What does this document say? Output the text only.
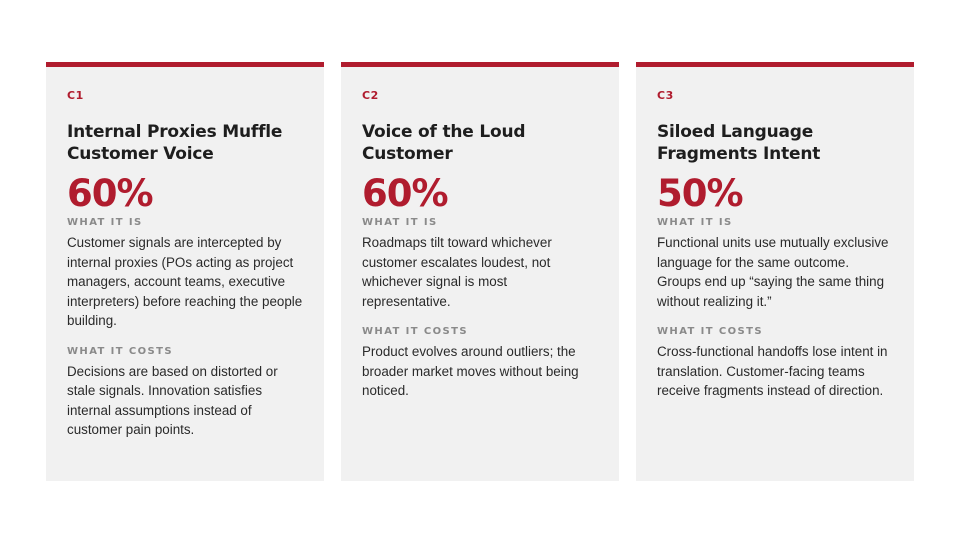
C1
Internal Proxies Muffle Customer Voice
60%
WHAT IT IS
Customer signals are intercepted by internal proxies (POs acting as project managers, account teams, executive interpreters) before reaching the people building.
WHAT IT COSTS
Decisions are based on distorted or stale signals. Innovation satisfies internal assumptions instead of customer pain points.
C2
Voice of the Loud Customer
60%
WHAT IT IS
Roadmaps tilt toward whichever customer escalates loudest, not whichever signal is most representative.
WHAT IT COSTS
Product evolves around outliers; the broader market moves without being noticed.
C3
Siloed Language Fragments Intent
50%
WHAT IT IS
Functional units use mutually exclusive language for the same outcome. Groups end up “saying the same thing without realizing it.”
WHAT IT COSTS
Cross-functional handoffs lose intent in translation. Customer-facing teams receive fragments instead of direction.
